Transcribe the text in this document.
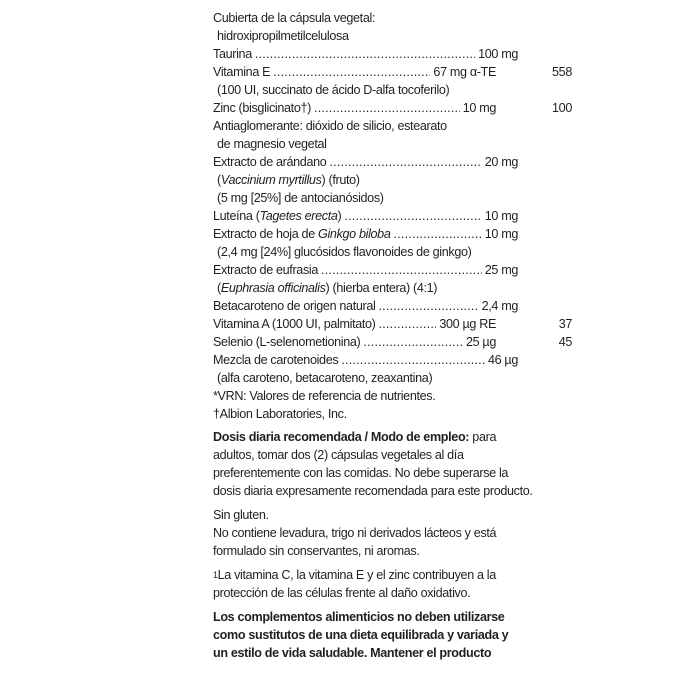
Cubierta de la cápsula vegetal:
hidroxipropilmetilcelulosa
Taurina .....	100 mg
Vitamina E .....	67 mg α-TE	558
(100 UI, succinato de ácido D-alfa tocoferilo)
Zinc (bisglicinato†) .....	10 mg	100
Antiaglomerante: dióxido de silicio, estearato
de magnesio vegetal
Extracto de arándano .....	20 mg
(Vaccinium myrtillus) (fruto)
(5 mg [25%] de antocianósidos)
Luteína (Tagetes erecta) .....	10 mg
Extracto de hoja de Ginkgo biloba .....	10 mg
(2,4 mg [24%] glucósidos flavonoides de ginkgo)
Extracto de eufrasia .....	25 mg
(Euphrasia officinalis) (hierba entera) (4:1)
Betacaroteno de origen natural .....	2,4 mg
Vitamina A (1000 UI, palmitato) .....	300 µg RE	37
Selenio (L-selenometionina) .....	25 µg	45
Mezcla de carotenoides .....	46 µg
(alfa caroteno, betacaroteno, zeaxantina)
*VRN: Valores de referencia de nutrientes.
†Albion Laboratories, Inc.
Dosis diaria recomendada / Modo de empleo: para
adultos, tomar dos (2) cápsulas vegetales al día
preferentemente con las comidas. No debe superarse la
dosis diaria expresamente recomendada para este producto.
Sin gluten.
No contiene levadura, trigo ni derivados lácteos y está
formulado sin conservantes, ni aromas.
$^1$La vitamina C, la vitamina E y el zinc contribuyen a la
protección de las células frente al daño oxidativo.
Los complementos alimenticios no deben utilizarse
como sustitutos de una dieta equilibrada y variada y
un estilo de vida saludable. Mantener el producto
